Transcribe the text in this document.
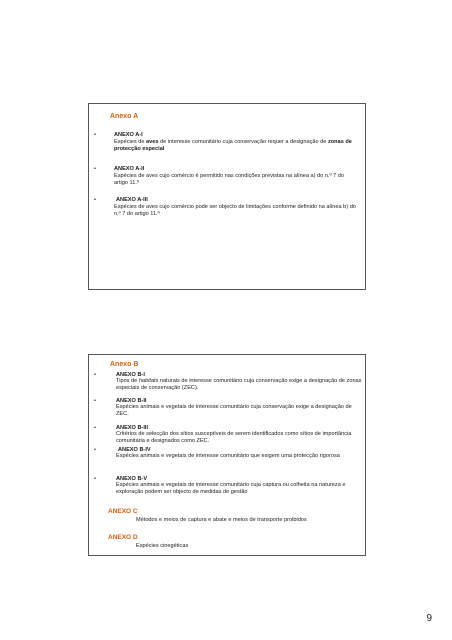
Anexo A
•	ANEXO A-I
Espécies de aves de interesse comunitário cuja conservação requer a designação de zonas de protecção especial
•	ANEXO A-II
Espécies de aves cujo comércio é permitido nas condições previstas na alínea a) do n.º 7 do artigo 11.º
•	ANEXO A-III
Espécies de aves cujo comércio pode ser objecto de limitações conforme definido na alínea b) do n.º 7 do artigo 11.º
Anexo B
•	ANEXO B-I
Tipos de habitats naturais de interesse comunitário cuja conservação exige a designação de zonas especiais de conservação (ZEC).
•	ANEXO B-II
Espécies animais e vegetais de interesse comunitário cuja conservação exige a designação de ZEC.
•	ANEXO B-III
Critérios de selecção dos sítios susceptíveis de serem identificados como sítios de importância comunitária e designados como ZEC.
•	ANEXO B-IV
Espécies animais e vegetais de interesse comunitário que exigem uma protecção rigorosa
•	ANEXO B-V
Espécies animais e vegetais de interesse comunitário cuja captura ou colheita na natureza e exploração podem ser objecto de medidas de gestão
ANEXO C
Métodos e meios de captura e abate e meios de transporte proibidos
ANEXO D
Espécies cinegéticas
9
